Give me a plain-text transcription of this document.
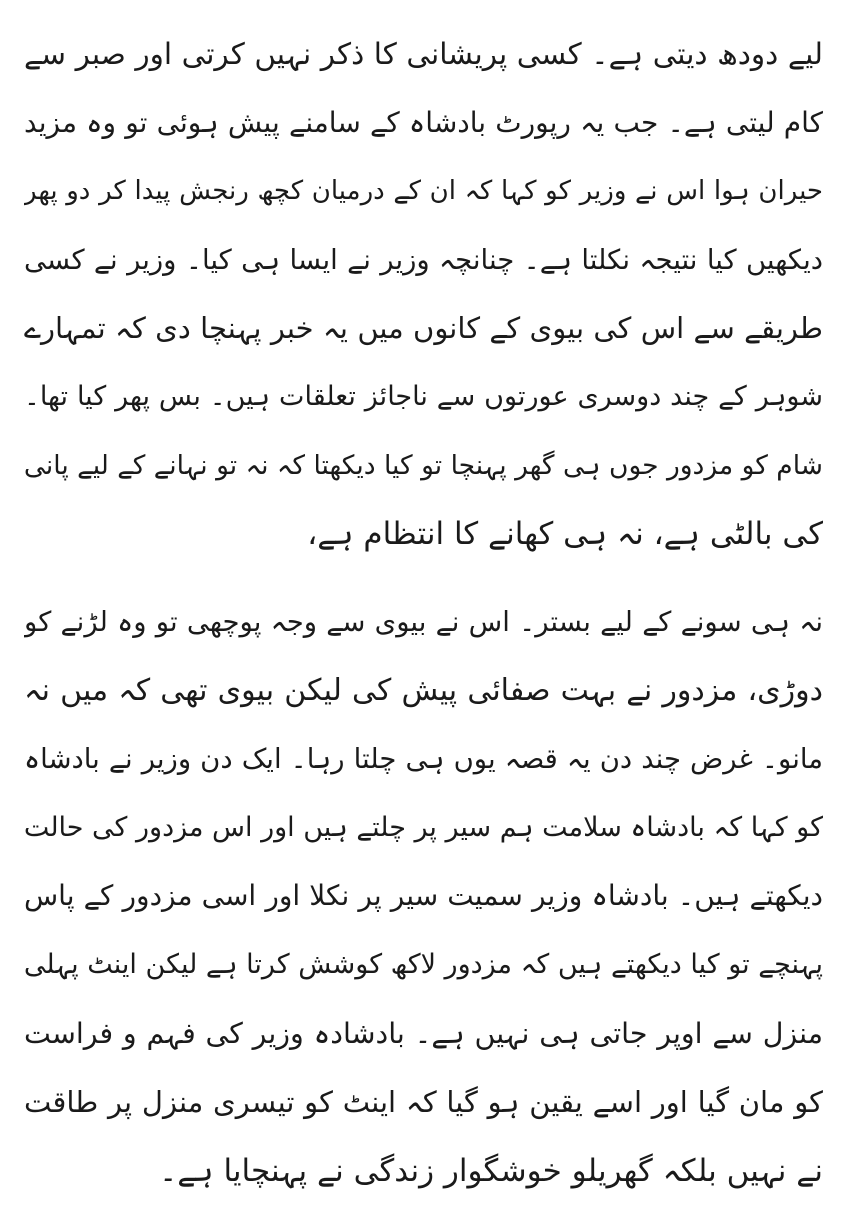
لیے دودھ دیتی ہے۔ کسی پریشانی کا ذکر نہیں کرتی اور صبر سے
کام لیتی ہے۔ جب یہ رپورٹ بادشاہ کے سامنے پیش ہوئی تو وہ مزید
حیران ہوا اس نے وزیر کو کہا کہ ان کے درمیان کچھ رنجش پیدا کر دو پھر
دیکھیں کیا نتیجہ نکلتا ہے۔ چنانچہ وزیر نے ایسا ہی کیا۔ وزیر نے کسی
طریقے سے اس کی بیوی کے کانوں میں یہ خبر پہنچا دی کہ تمہارے
شوہر کے چند دوسری عورتوں سے ناجائز تعلقات ہیں۔ بس پھر کیا تھا۔
شام کو مزدور جوں ہی گھر پہنچا تو کیا دیکھتا کہ نہ تو نہانے کے لیے پانی
کی بالٹی ہے، نہ ہی کھانے کا انتظام ہے،
نہ ہی سونے کے لیے بستر۔ اس نے بیوی سے وجہ پوچھی تو وہ لڑنے کو
دوڑی، مزدور نے بہت صفائی پیش کی لیکن بیوی تھی کہ میں نہ
مانو۔ غرض چند دن یہ قصہ یوں ہی چلتا رہا۔ ایک دن وزیر نے بادشاہ
کو کہا کہ بادشاہ سلامت ہم سیر پر چلتے ہیں اور اس مزدور کی حالت
دیکھتے ہیں۔ بادشاہ وزیر سمیت سیر پر نکلا اور اسی مزدور کے پاس
پہنچے تو کیا دیکھتے ہیں کہ مزدور لاکھ کوشش کرتا ہے لیکن اینٹ پہلی
منزل سے اوپر جاتی ہی نہیں ہے۔ بادشادہ وزیر کی فہم و فراست
کو مان گیا اور اسے یقین ہو گیا کہ اینٹ کو تیسری منزل پر طاقت
نے نہیں بلکہ گھریلو خوشگوار زندگی نے پہنچایا ہے۔
